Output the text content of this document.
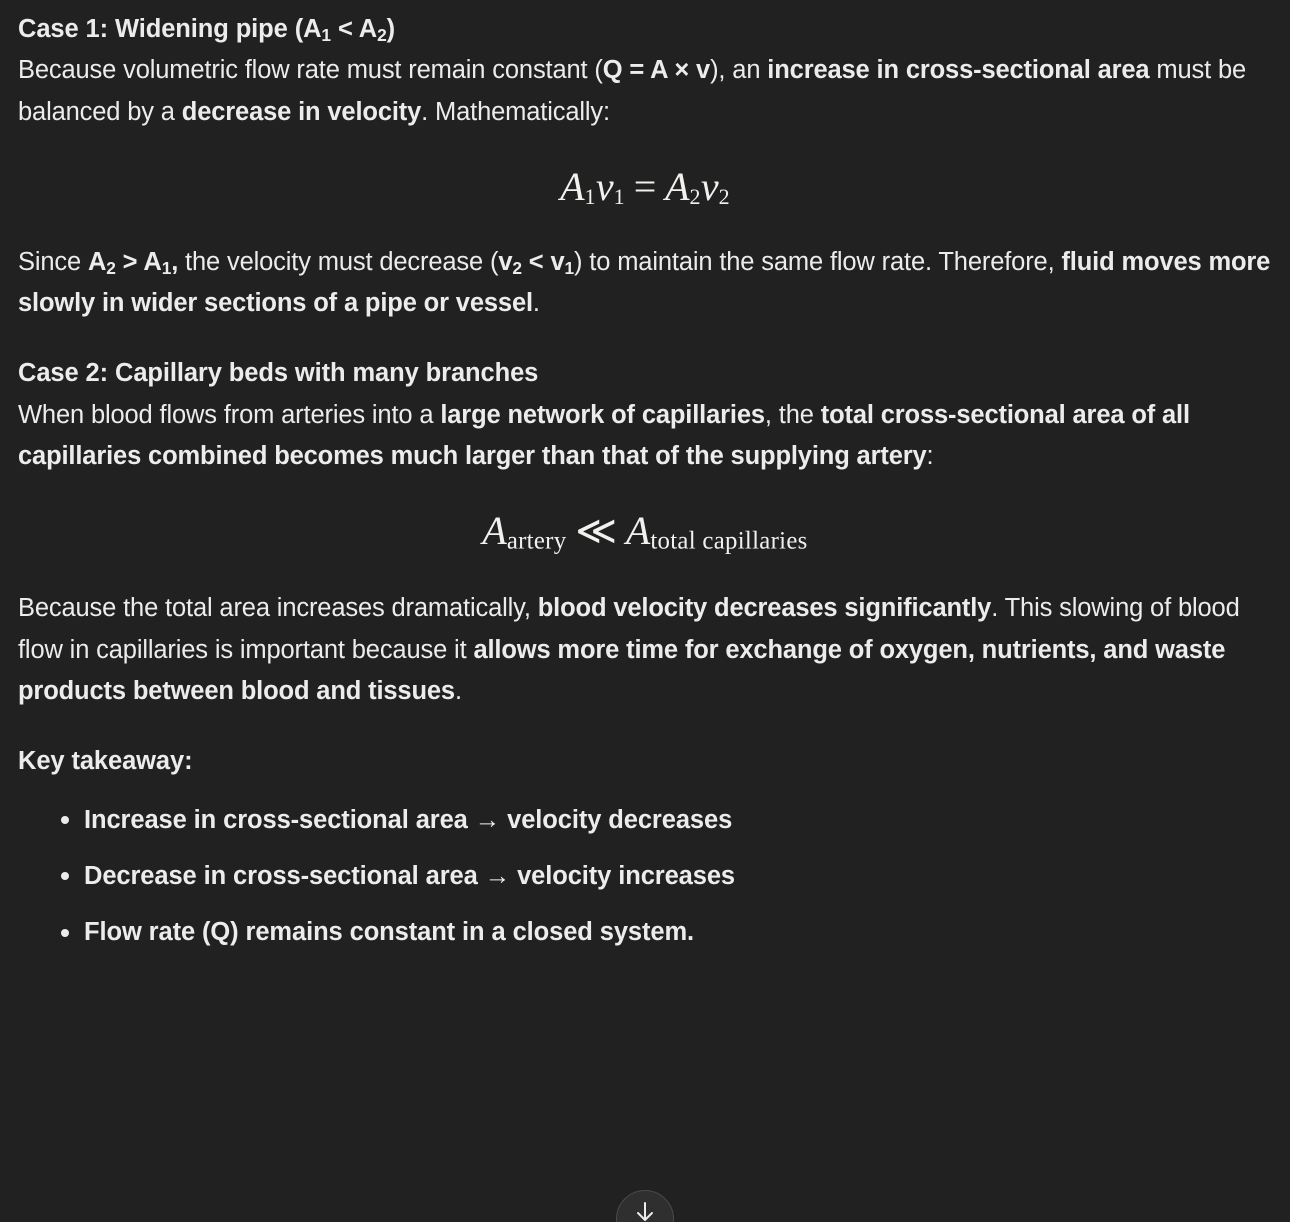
Case 1: Widening pipe $(A_1 < A_2)$

Because volumetric flow rate must remain constant (Q = A × v), an increase in cross-sectional area must be balanced by a decrease in velocity. Mathematically:

$A_1v_1 = A_2v_2$

Since $A_2 > A_1$, the velocity must decrease $(v_2 < v_1)$ to maintain the same flow rate. Therefore, fluid moves more slowly in wider sections of a pipe or vessel.

Case 2: Capillary beds with many branches

When blood flows from arteries into a large network of capillaries, the total cross-sectional area of all capillaries combined becomes much larger than that of the supplying artery:

$A_{artery}$ ≪ $A_{total capillaries}$

Because the total area increases dramatically, blood velocity decreases significantly. This slowing of blood flow in capillaries is important because it allows more time for exchange of oxygen, nutrients, and waste products between blood and tissues.

Key takeaway:
Increase in cross-sectional area → velocity decreases
Decrease in cross-sectional area → velocity increases
Flow rate (Q) remains constant in a closed system.
